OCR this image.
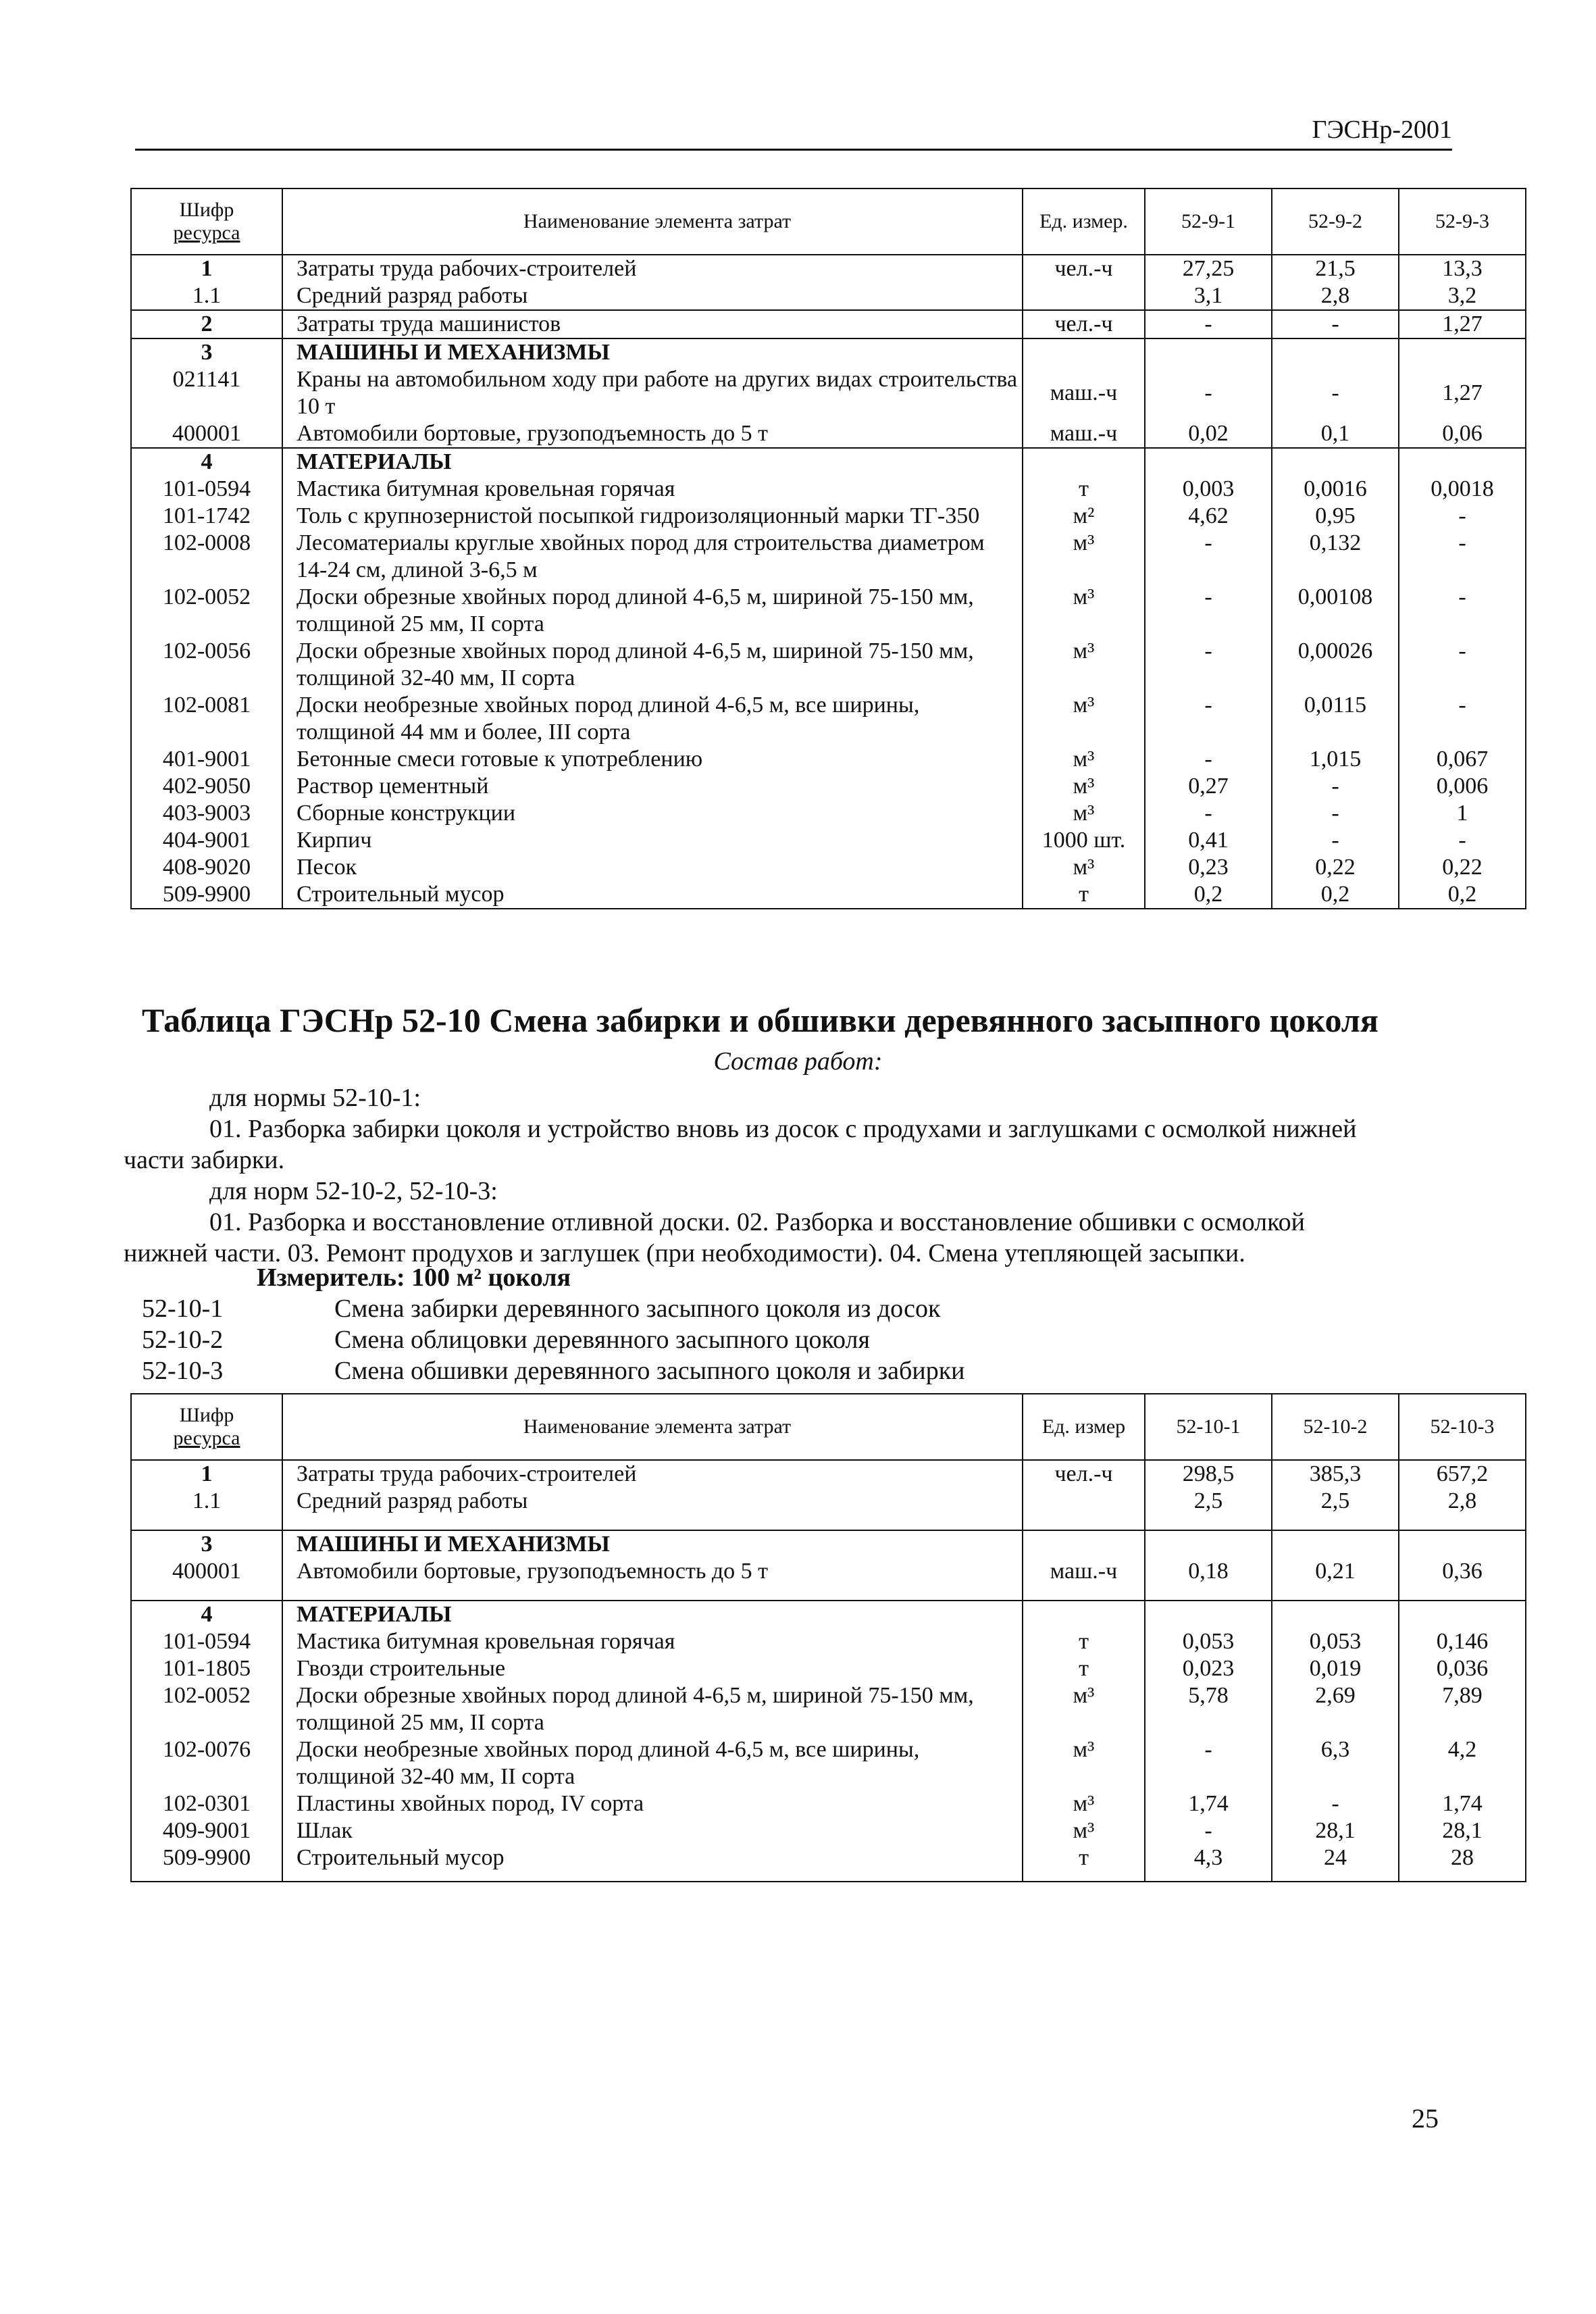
ГЭСНр-2001
Шифр
ресурса	Наименование элемента затрат	Ед. измер.	52-9-1	52-9-2	52-9-3
1	Затраты труда рабочих-строителей	чел.-ч	27,25	21,5	13,3
1.1	Средний разряд работы		3,1	2,8	3,2
2	Затраты труда машинистов	чел.-ч	-	-	1,27
3	МАШИНЫ И МЕХАНИЗМЫ				
021141	Краны на автомобильном ходу при работе на других видах строительства 10 т	маш.-ч	-	-	1,27
400001	Автомобили бортовые, грузоподъемность до 5 т	маш.-ч	0,02	0,1	0,06
4	МАТЕРИАЛЫ				
101-0594	Мастика битумная кровельная горячая	т	0,003	0,0016	0,0018
101-1742	Толь с крупнозернистой посыпкой гидроизоляционный марки ТГ-350	м²	4,62	0,95	-
102-0008	Лесоматериалы круглые хвойных пород для строительства диаметром 14-24 см, длиной 3-6,5 м	м³	-	0,132	-
102-0052	Доски обрезные хвойных пород длиной 4-6,5 м, шириной 75-150 мм, толщиной 25 мм, II сорта	м³	-	0,00108	-
102-0056	Доски обрезные хвойных пород длиной 4-6,5 м, шириной 75-150 мм, толщиной 32-40 мм, II сорта	м³	-	0,00026	-
102-0081	Доски необрезные хвойных пород длиной 4-6,5 м, все ширины, толщиной 44 мм и более, III сорта	м³	-	0,0115	-
401-9001	Бетонные смеси готовые к употреблению	м³	-	1,015	0,067
402-9050	Раствор цементный	м³	0,27	-	0,006
403-9003	Сборные конструкции	м³	-	-	1
404-9001	Кирпич	1000 шт.	0,41	-	-
408-9020	Песок	м³	0,23	0,22	0,22
509-9900	Строительный мусор	т	0,2	0,2	0,2
Таблица ГЭСНр 52-10 Смена забирки и обшивки деревянного засыпного цоколя
Состав работ:
для нормы 52-10-1:
01. Разборка забирки цоколя и устройство вновь из досок с продухами и заглушками с осмолкой нижней
части забирки.
для норм 52-10-2, 52-10-3:
01. Разборка и восстановление отливной доски. 02. Разборка и восстановление обшивки с осмолкой
нижней части. 03. Ремонт продухов и заглушек (при необходимости). 04. Смена утепляющей засыпки.
Измеритель: 100 м² цоколя
52-10-1	Смена забирки деревянного засыпного цоколя из досок
52-10-2	Смена облицовки деревянного засыпного цоколя
52-10-3	Смена обшивки деревянного засыпного цоколя и забирки
Шифр
ресурса	Наименование элемента затрат	Ед. измер	52-10-1	52-10-2	52-10-3
1	Затраты труда рабочих-строителей	чел.-ч	298,5	385,3	657,2
1.1	Средний разряд работы		2,5	2,5	2,8

3	МАШИНЫ И МЕХАНИЗМЫ				
400001	Автомобили бортовые, грузоподъемность до 5 т	маш.-ч	0,18	0,21	0,36

4	МАТЕРИАЛЫ				
101-0594	Мастика битумная кровельная горячая	т	0,053	0,053	0,146
101-1805	Гвозди строительные	т	0,023	0,019	0,036
102-0052	Доски обрезные хвойных пород длиной 4-6,5 м, шириной 75-150 мм, толщиной 25 мм, II сорта	м³	5,78	2,69	7,89
102-0076	Доски необрезные хвойных пород длиной 4-6,5 м, все ширины, толщиной 32-40 мм, II сорта	м³	-	6,3	4,2
102-0301	Пластины хвойных пород, IV сорта	м³	1,74	-	1,74
409-9001	Шлак	м³	-	28,1	28,1
509-9900	Строительный мусор	т	4,3	24	28
25
